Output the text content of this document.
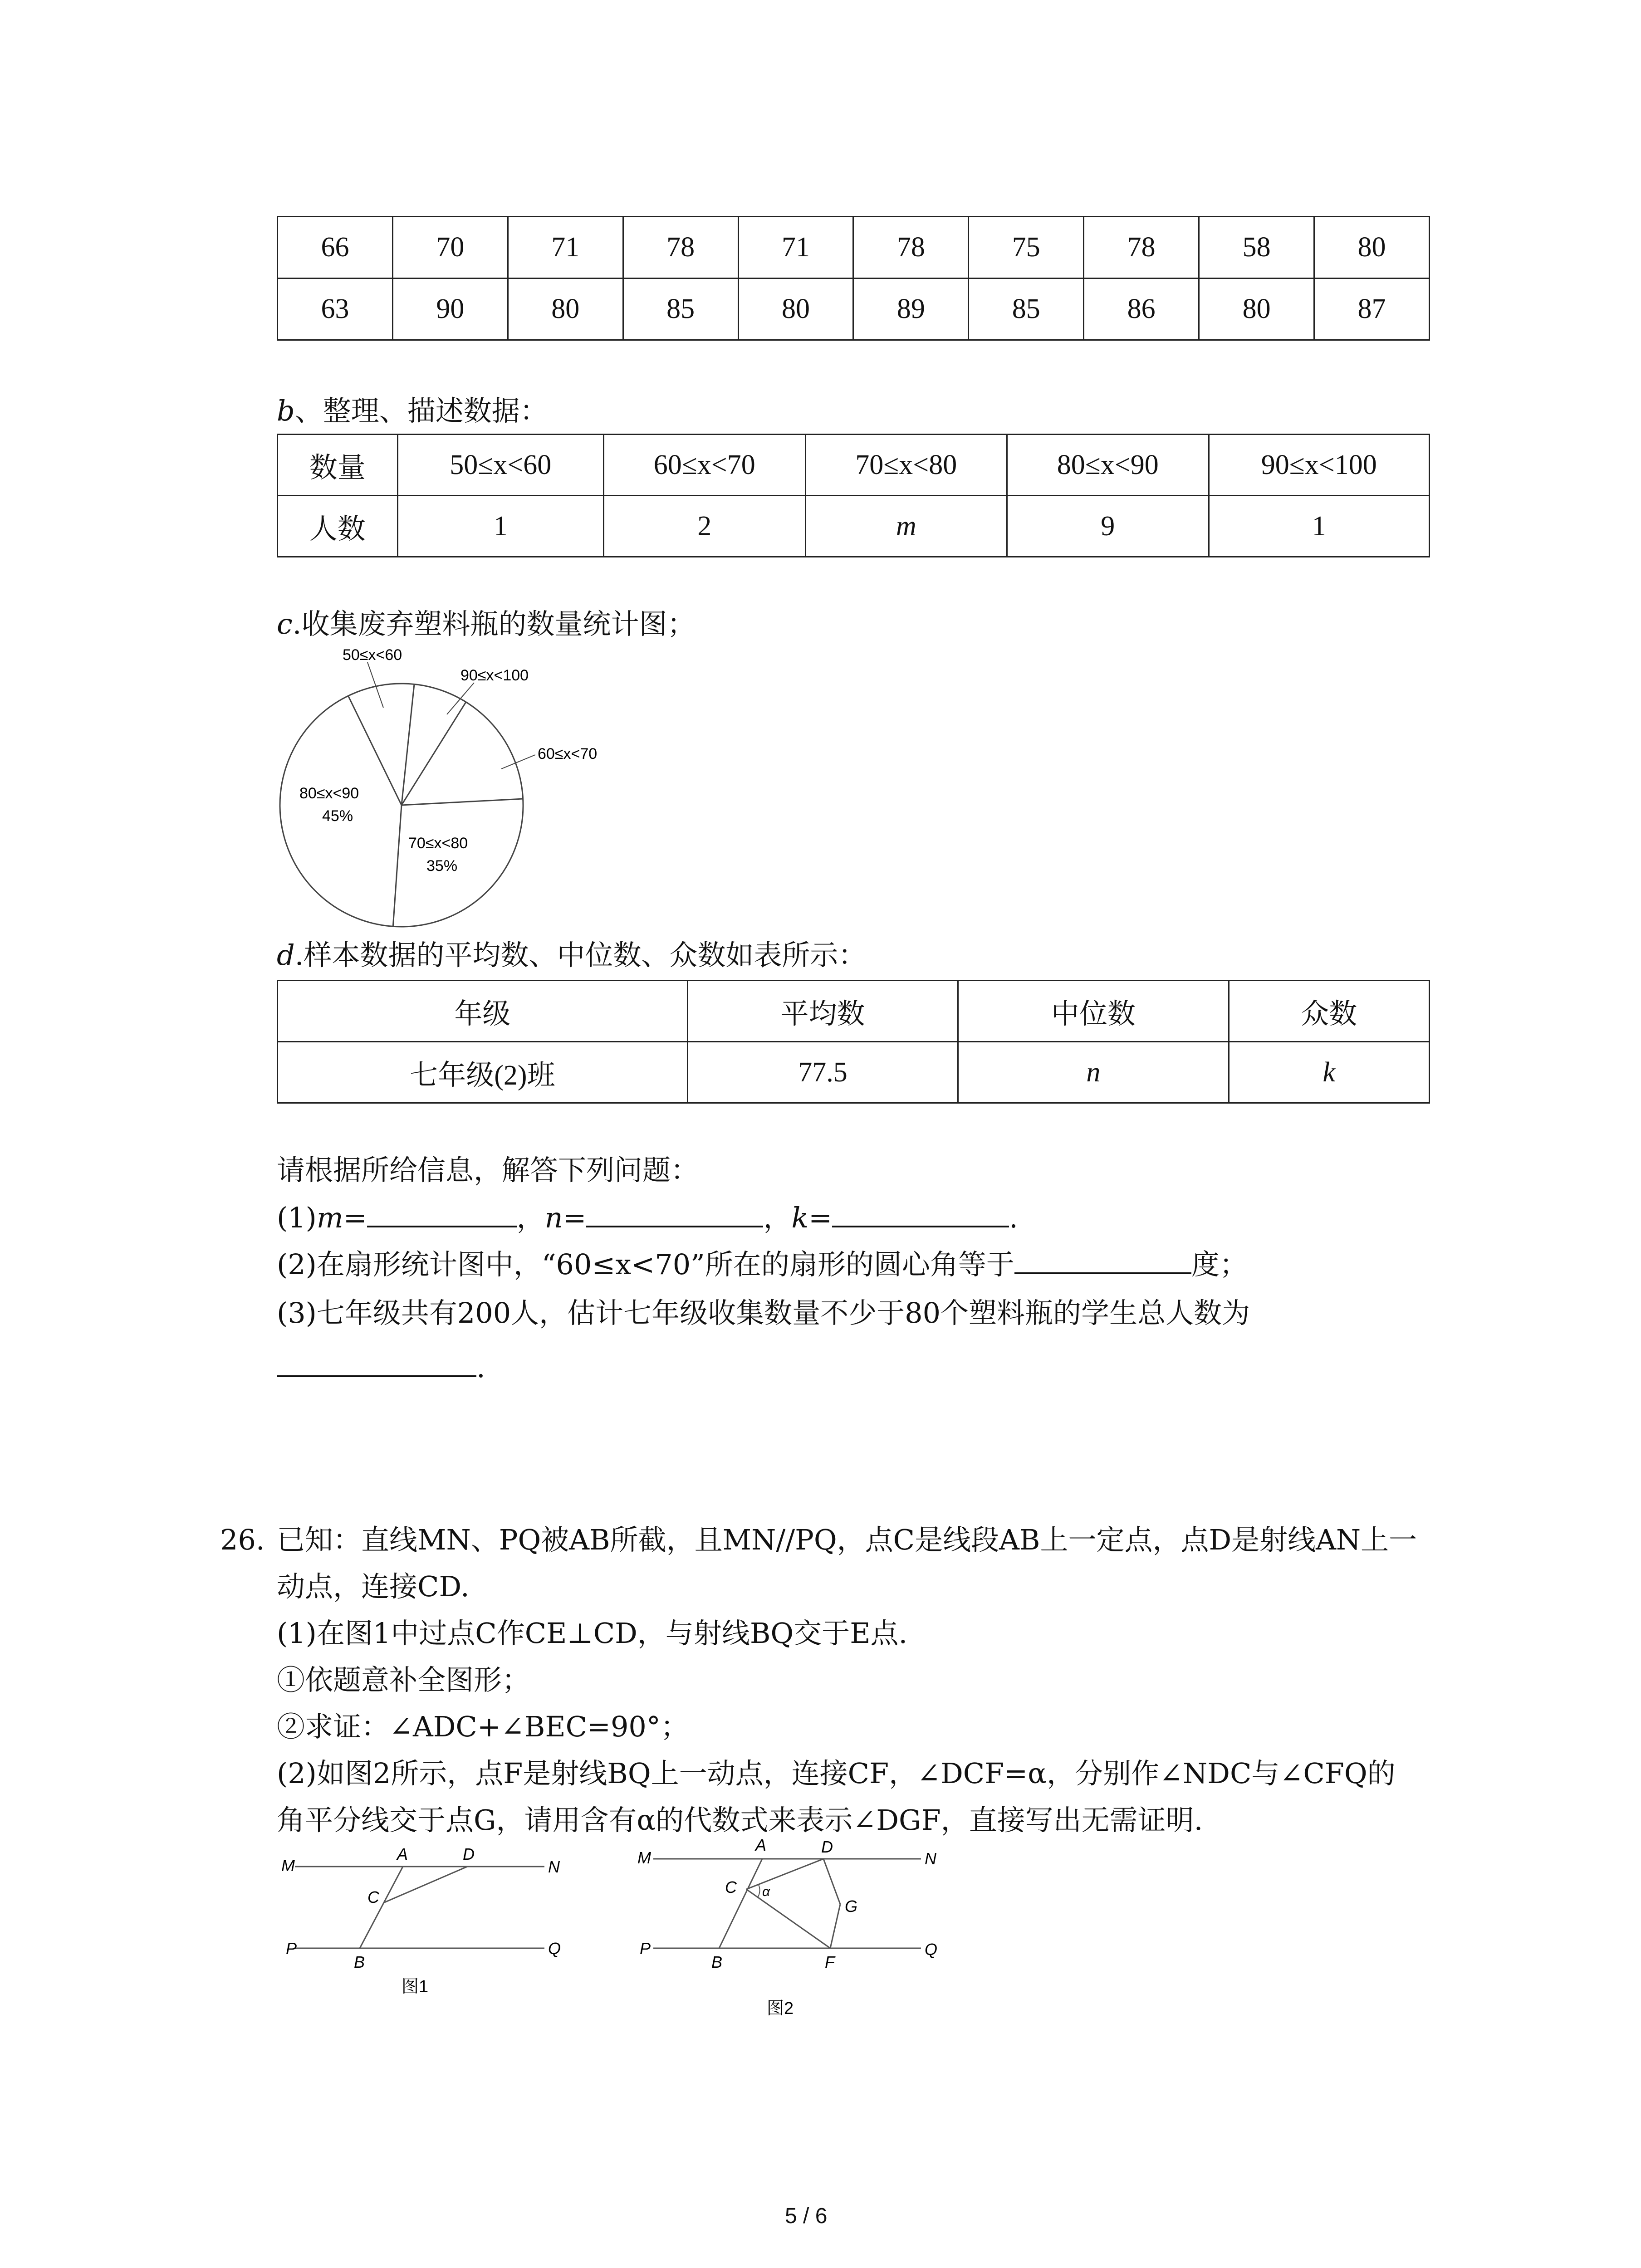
66	70	71	78	71	78	75	78	58	80
63	90	80	85	80	89	85	86	80	87
b、整理、描述数据：
数量	50≤x<60	60≤x<70	70≤x<80	80≤x<90	90≤x<100
人数	1	2	m	9	1
c.收集废弃塑料瓶的数量统计图；
50≤x<60
90≤x<100
60≤x<70
70≤x<80
35%
80≤x<90
45%
d.样本数据的平均数、中位数、众数如表所示：
年级	平均数	中位数	众数
七年级(2)班	77.5	n	k
请根据所给信息，解答下列问题：
(1)m=	，n=	，k=	.
(2)在扇形统计图中，“60≤x<70”所在的扇形的圆心角等于	度；
(3)七年级共有200人，估计七年级收集数量不少于80个塑料瓶的学生总人数为
.
26. 已知：直线MN、PQ被AB所截，且MN//PQ，点C是线段AB上一定点，点D是射线AN上一
动点，连接CD.
(1)在图1中过点C作CE⊥CD，与射线BQ交于E点.
①依题意补全图形；
②求证：∠ADC+∠BEC=90°；
(2)如图2所示，点F是射线BQ上一动点，连接CF，∠DCF=α，分别作∠NDC与∠CFQ的
角平分线交于点G，请用含有α的代数式来表示∠DGF，直接写出无需证明.
M	N
A	D
C
P
B
Q
图1
α
M	N
A	D
C
G
P
B	F
Q
图2
5 / 6
